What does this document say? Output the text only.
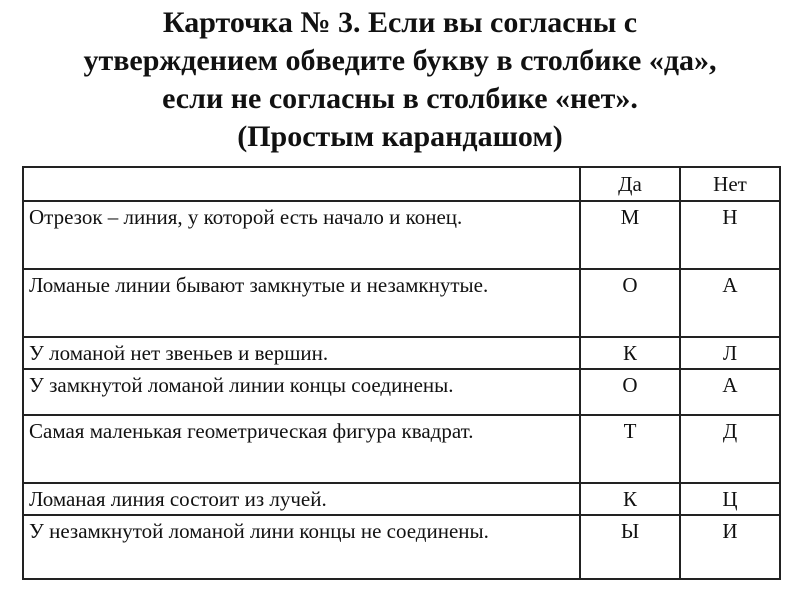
Карточка № 3. Если вы согласны с
утверждением обведите букву в столбике «да»,
если не согласны в столбике «нет».
(Простым карандашом)
	Да	Нет
Отрезок – линия, у которой есть начало и конец.	М	Н
Ломаные линии бывают замкнутые и незамкнутые.	О	А
У ломаной нет звеньев и вершин.	К	Л
У замкнутой ломаной линии концы соединены.	О	А
Самая маленькая геометрическая фигура квадрат.	Т	Д
Ломаная линия состоит из лучей.	К	Ц
У незамкнутой ломаной лини концы не соединены.	Ы	И
